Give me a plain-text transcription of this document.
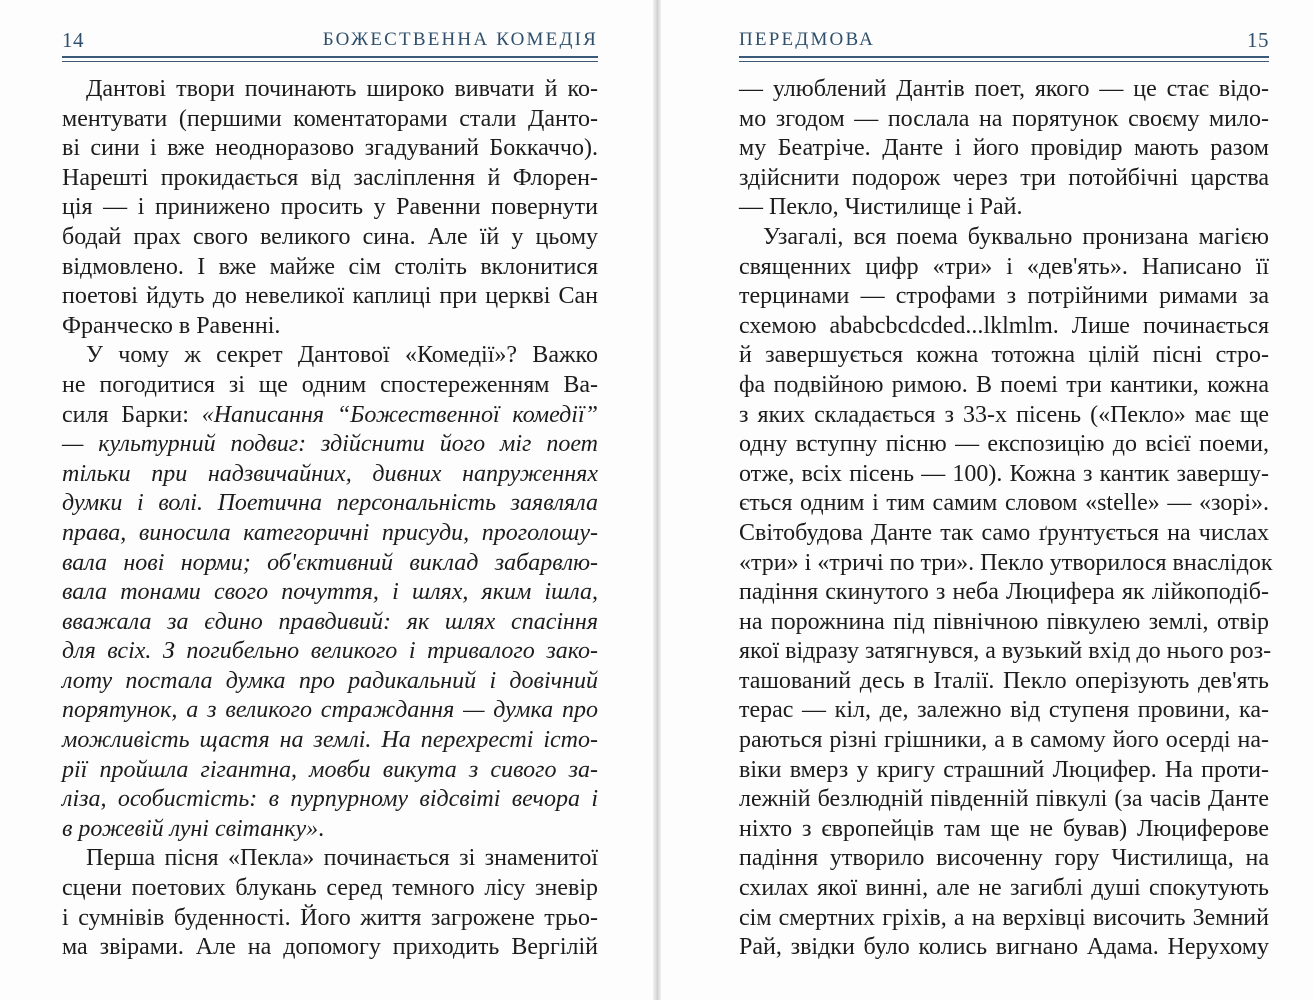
14	БОЖЕСТВЕННА КОМЕДІЯ	ПЕРЕДМОВА	15
Дантові твори починають широко вивчати й ко-
ментувати (першими коментаторами стали Данто-
ві сини і вже неодноразово згадуваний Боккаччо).
Нарешті прокидається від засліплення й Флорен-
ція — і принижено просить у Равенни повернути
бодай прах свого великого сина. Але їй у цьому
відмовлено. І вже майже сім століть вклонитися
поетові йдуть до невеликої каплиці при церкві Сан
Франческо в Равенні.
У чому ж секрет Дантової «Комедії»? Важко
не погодитися зі ще одним спостереженням Ва-
силя Барки: «Написання “Божественної комедії”
— культурний подвиг: здійснити його міг поет
тільки при надзвичайних, дивних напруженнях
думки і волі. Поетична персональність заявляла
права, виносила категоричні присуди, проголошу-
вала нові норми; об'єктивний виклад забарвлю-
вала тонами свого почуття, і шлях, яким ішла,
вважала за єдино правдивий: як шлях спасіння
для всіх. З погибельно великого і тривалого зако-
лоту постала думка про радикальний і довічний
порятунок, а з великого страждання — думка про
можливість щастя на землі. На перехресті істо-
рії пройшла гігантна, мовби викута з сивого за-
ліза, особистість: в пурпурному відсвіті вечора і
в рожевій луні світанку».
Перша пісня «Пекла» починається зі знаменитої
сцени поетових блукань серед темного лісу зневір
і сумнівів буденності. Його життя загрожене трьо-
ма звірами. Але на допомогу приходить Вергілій
— улюблений Дантів поет, якого — це стає відо-
мо згодом — послала на порятунок своєму мило-
му Беатріче. Данте і його провідир мають разом
здійснити подорож через три потойбічні царства
— Пекло, Чистилище і Рай.
Узагалі, вся поема буквально пронизана магією
священних цифр «три» і «дев'ять». Написано її
терцинами — строфами з потрійними римами за
схемою ababcbcdcded...lklmlm. Лише починається
й завершується кожна тотожна цілій пісні стро-
фа подвійною римою. В поемі три кантики, кожна
з яких складається з 33-х пісень («Пекло» має ще
одну вступну пісню — експозицію до всієї поеми,
отже, всіх пісень — 100). Кожна з кантик завершу-
ється одним і тим самим словом «stelle» — «зорі».
Світобудова Данте так само ґрунтується на числах
«три» і «тричі по три». Пекло утворилося внаслідок
падіння скинутого з неба Люцифера як лійкоподіб-
на порожнина під північною півкулею землі, отвір
якої відразу затягнувся, а вузький вхід до нього роз-
ташований десь в Італії. Пекло оперізують дев'ять
терас — кіл, де, залежно від ступеня провини, ка-
раються різні грішники, а в самому його осерді на-
віки вмерз у кригу страшний Люцифер. На проти-
лежній безлюдній південній півкулі (за часів Данте
ніхто з європейців там ще не бував) Люциферове
падіння утворило височенну гору Чистилища, на
схилах якої винні, але не загиблі душі спокутують
сім смертних гріхів, а на верхівці височить Земний
Рай, звідки було колись вигнано Адама. Нерухому
